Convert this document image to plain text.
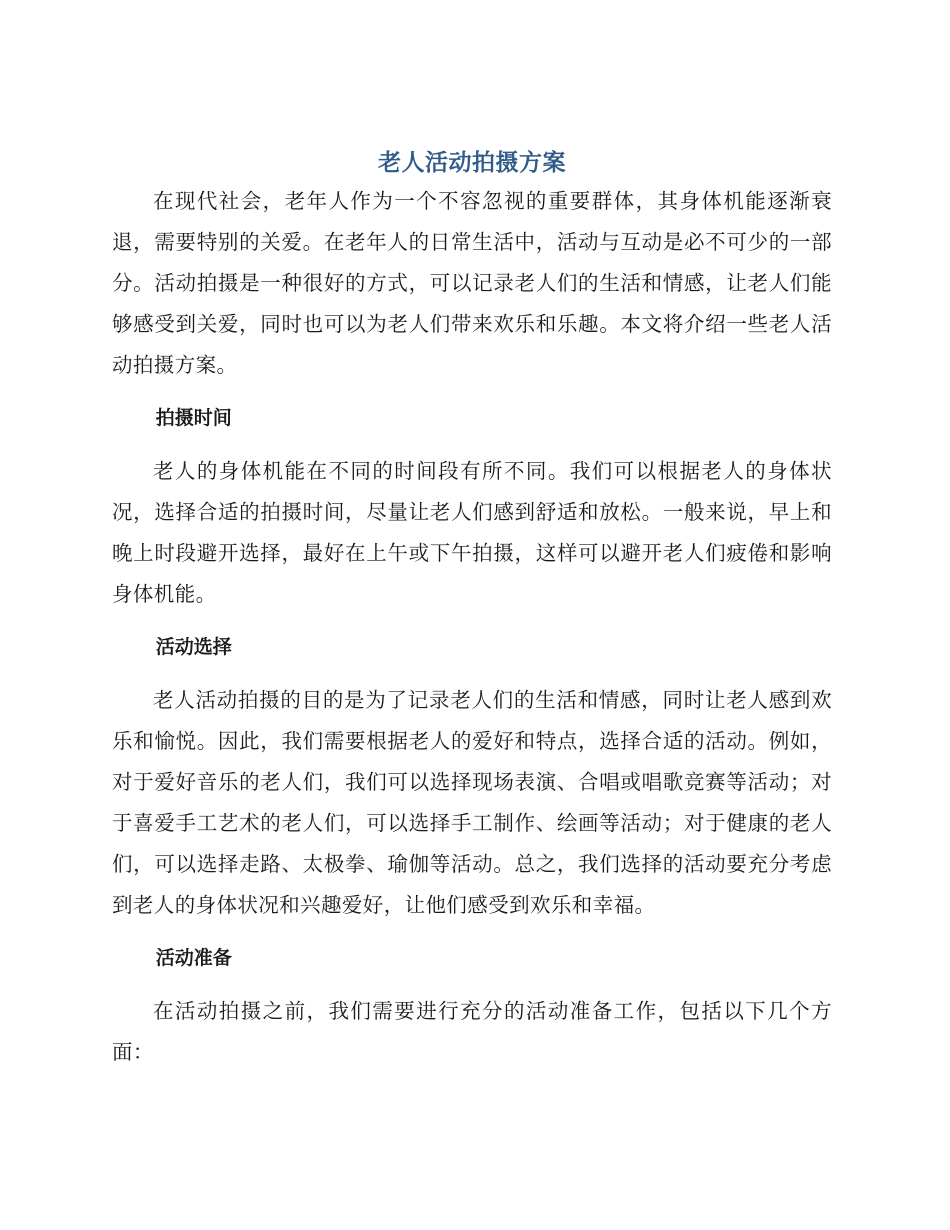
老人活动拍摄方案

在现代社会，老年人作为一个不容忽视的重要群体，其身体机能逐渐衰退，需要特别的关爱。在老年人的日常生活中，活动与互动是必不可少的一部分。活动拍摄是一种很好的方式，可以记录老人们的生活和情感，让老人们能够感受到关爱，同时也可以为老人们带来欢乐和乐趣。本文将介绍一些老人活动拍摄方案。

拍摄时间

老人的身体机能在不同的时间段有所不同。我们可以根据老人的身体状况，选择合适的拍摄时间，尽量让老人们感到舒适和放松。一般来说，早上和晚上时段避开选择，最好在上午或下午拍摄，这样可以避开老人们疲倦和影响身体机能。

活动选择

老人活动拍摄的目的是为了记录老人们的生活和情感，同时让老人感到欢乐和愉悦。因此，我们需要根据老人的爱好和特点，选择合适的活动。例如，对于爱好音乐的老人们，我们可以选择现场表演、合唱或唱歌竞赛等活动；对于喜爱手工艺术的老人们，可以选择手工制作、绘画等活动；对于健康的老人们，可以选择走路、太极拳、瑜伽等活动。总之，我们选择的活动要充分考虑到老人的身体状况和兴趣爱好，让他们感受到欢乐和幸福。

活动准备

在活动拍摄之前，我们需要进行充分的活动准备工作，包括以下几个方面：
